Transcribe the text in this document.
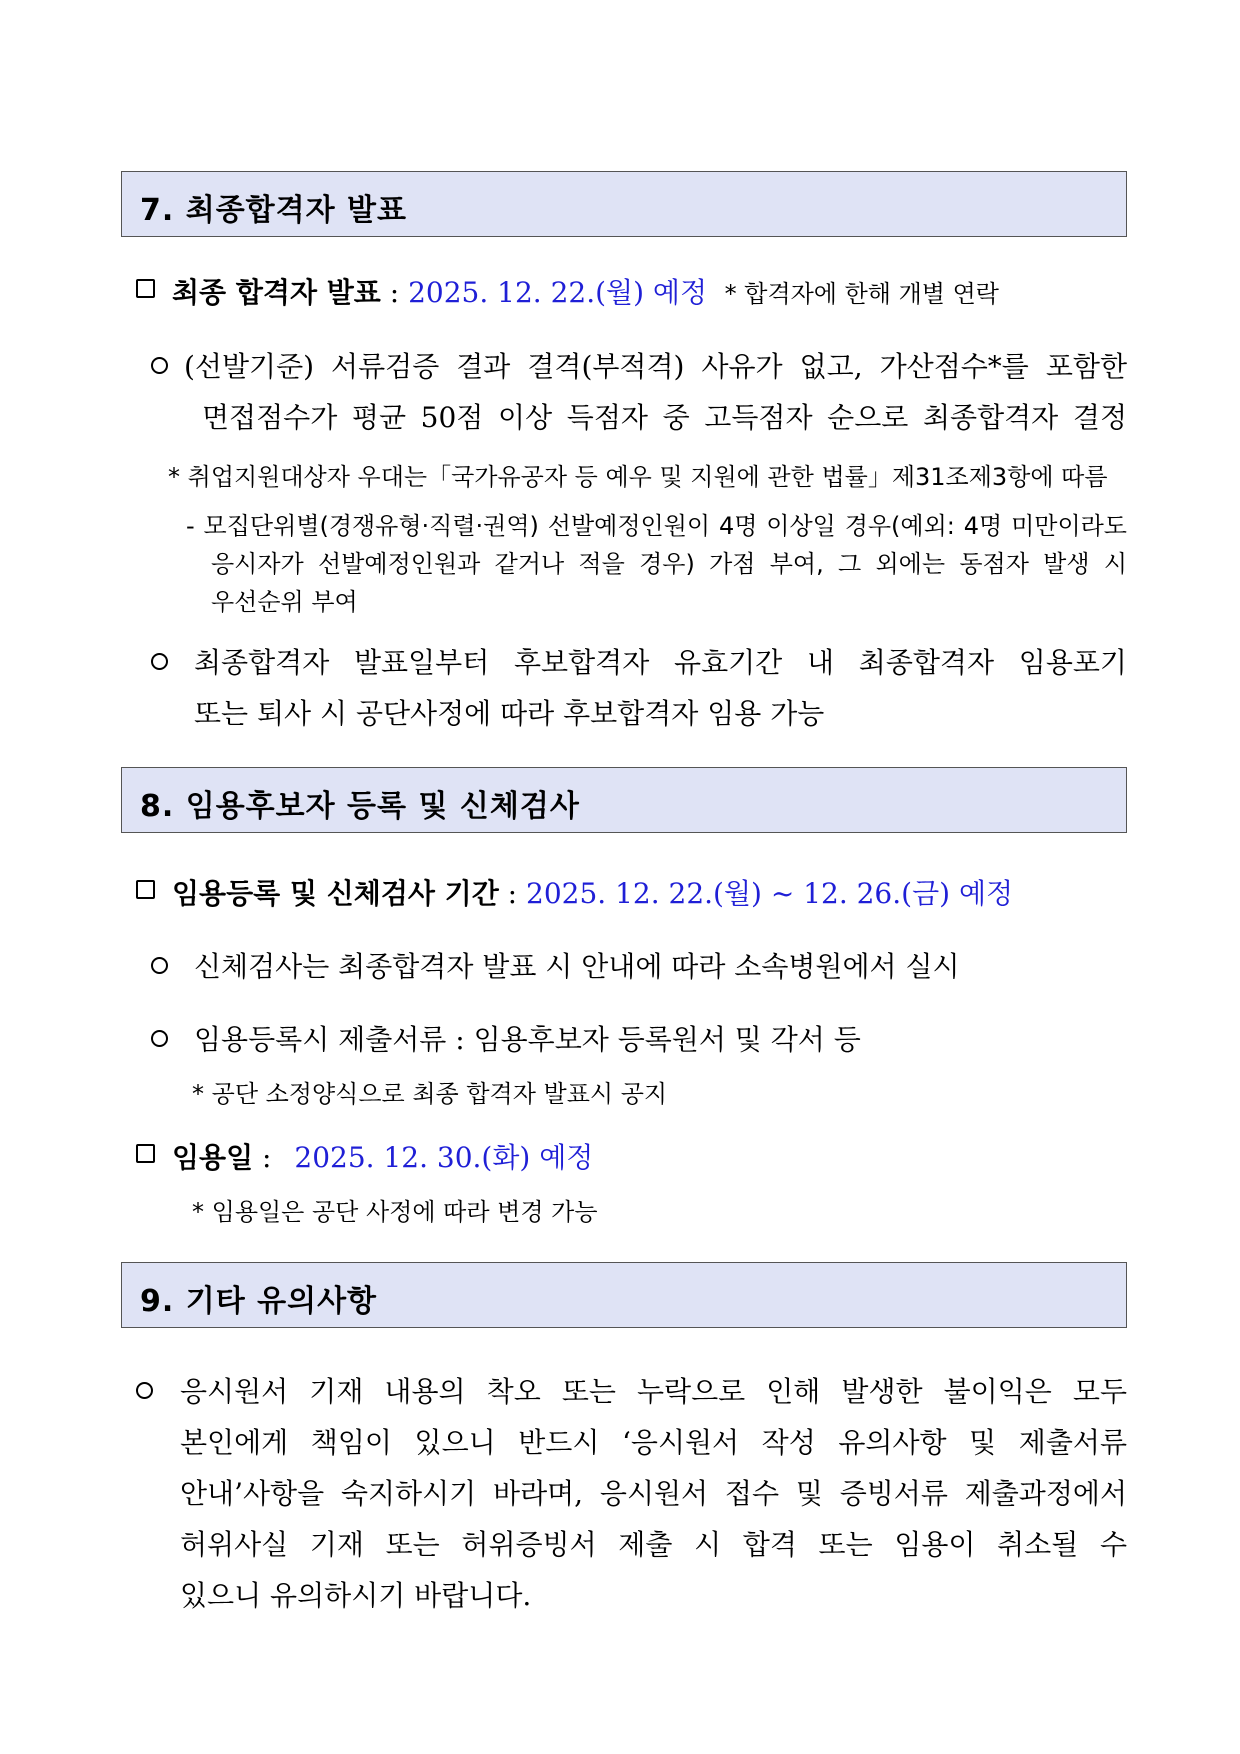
7. 최종합격자 발표
최종 합격자 발표 : 2025. 12. 22.(월) 예정 * 합격자에 한해 개별 연락
(선발기준) 서류검증 결과 결격(부적격) 사유가 없고, 가산점수*를 포함한
면접점수가 평균 50점 이상 득점자 중 고득점자 순으로 최종합격자 결정
* 취업지원대상자 우대는「국가유공자 등 예우 및 지원에 관한 법률」제31조제3항에 따름
- 모집단위별(경쟁유형·직렬·권역) 선발예정인원이 4명 이상일 경우(예외: 4명 미만이라도
응시자가 선발예정인원과 같거나 적을 경우) 가점 부여, 그 외에는 동점자 발생 시
우선순위 부여
최종합격자 발표일부터 후보합격자 유효기간 내 최종합격자 임용포기
또는 퇴사 시 공단사정에 따라 후보합격자 임용 가능
8. 임용후보자 등록 및 신체검사
임용등록 및 신체검사 기간 : 2025. 12. 22.(월) ~ 12. 26.(금) 예정
신체검사는 최종합격자 발표 시 안내에 따라 소속병원에서 실시
임용등록시 제출서류 : 임용후보자 등록원서 및 각서 등
* 공단 소정양식으로 최종 합격자 발표시 공지
임용일 : 2025. 12. 30.(화) 예정
* 임용일은 공단 사정에 따라 변경 가능
9. 기타 유의사항
응시원서 기재 내용의 착오 또는 누락으로 인해 발생한 불이익은 모두
본인에게 책임이 있으니 반드시 ‘응시원서 작성 유의사항 및 제출서류
안내’사항을 숙지하시기 바라며, 응시원서 접수 및 증빙서류 제출과정에서
허위사실 기재 또는 허위증빙서 제출 시 합격 또는 임용이 취소될 수
있으니 유의하시기 바랍니다.
